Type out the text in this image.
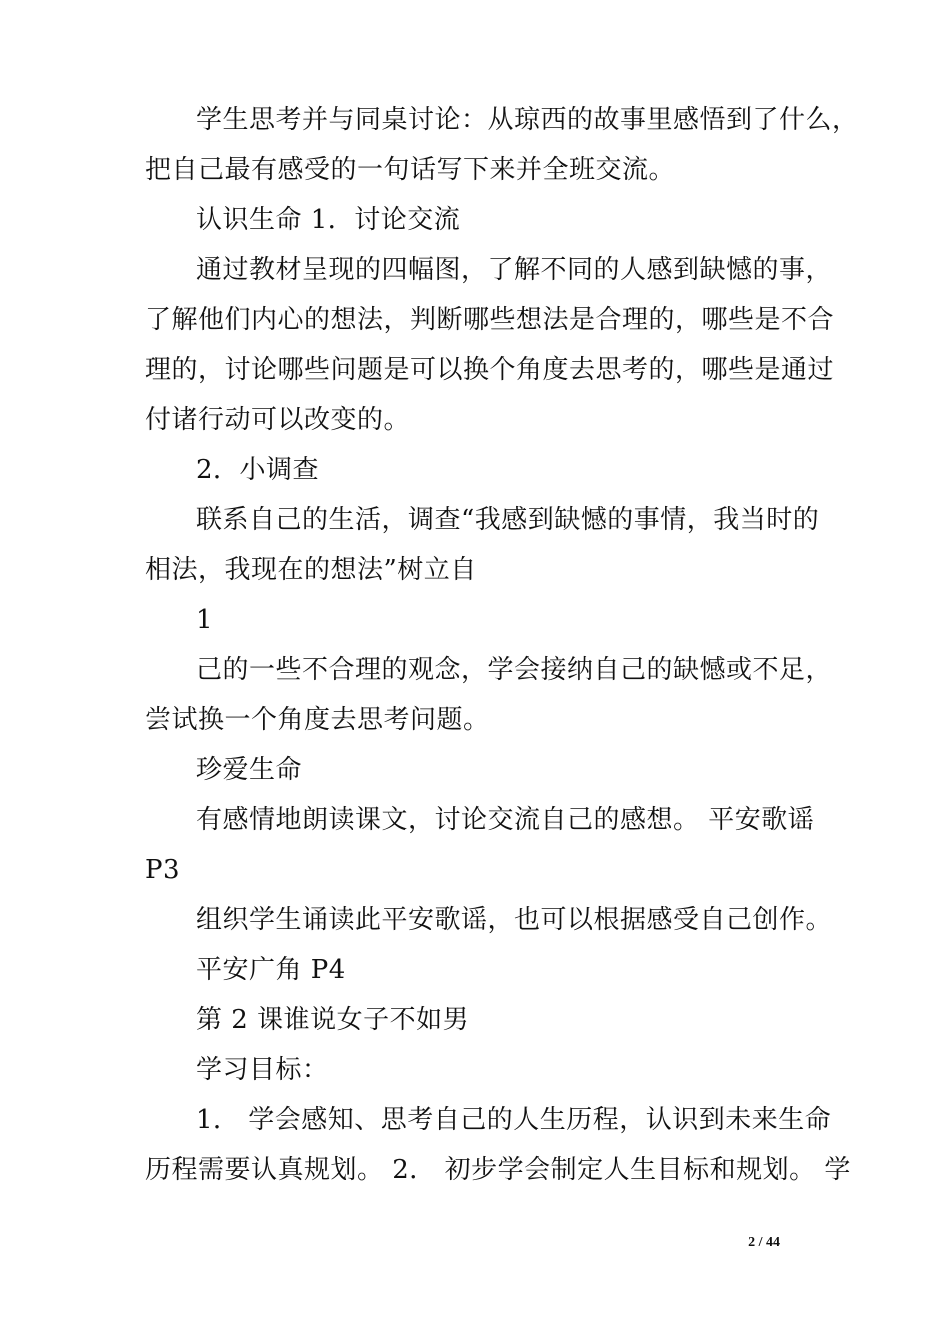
学生思考并与同桌讨论：从琼西的故事里感悟到了什么，
把自己最有感受的一句话写下来并全班交流。
认识生命 1．讨论交流
通过教材呈现的四幅图，了解不同的人感到缺憾的事，
了解他们内心的想法，判断哪些想法是合理的，哪些是不合
理的，讨论哪些问题是可以换个角度去思考的，哪些是通过
付诸行动可以改变的。
2．小调查
联系自己的生活，调查“我感到缺憾的事情，我当时的
相法，我现在的想法”树立自
1
己的一些不合理的观念，学会接纳自己的缺憾或不足，
尝试换一个角度去思考问题。
珍爱生命
有感情地朗读课文，讨论交流自己的感想。 平安歌谣
P3
组织学生诵读此平安歌谣，也可以根据感受自己创作。
平安广角 P4
第 2 课谁说女子不如男
学习目标：
1． 学会感知、思考自己的人生历程，认识到未来生命
历程需要认真规划。 2． 初步学会制定人生目标和规划。 学
2 / 44
